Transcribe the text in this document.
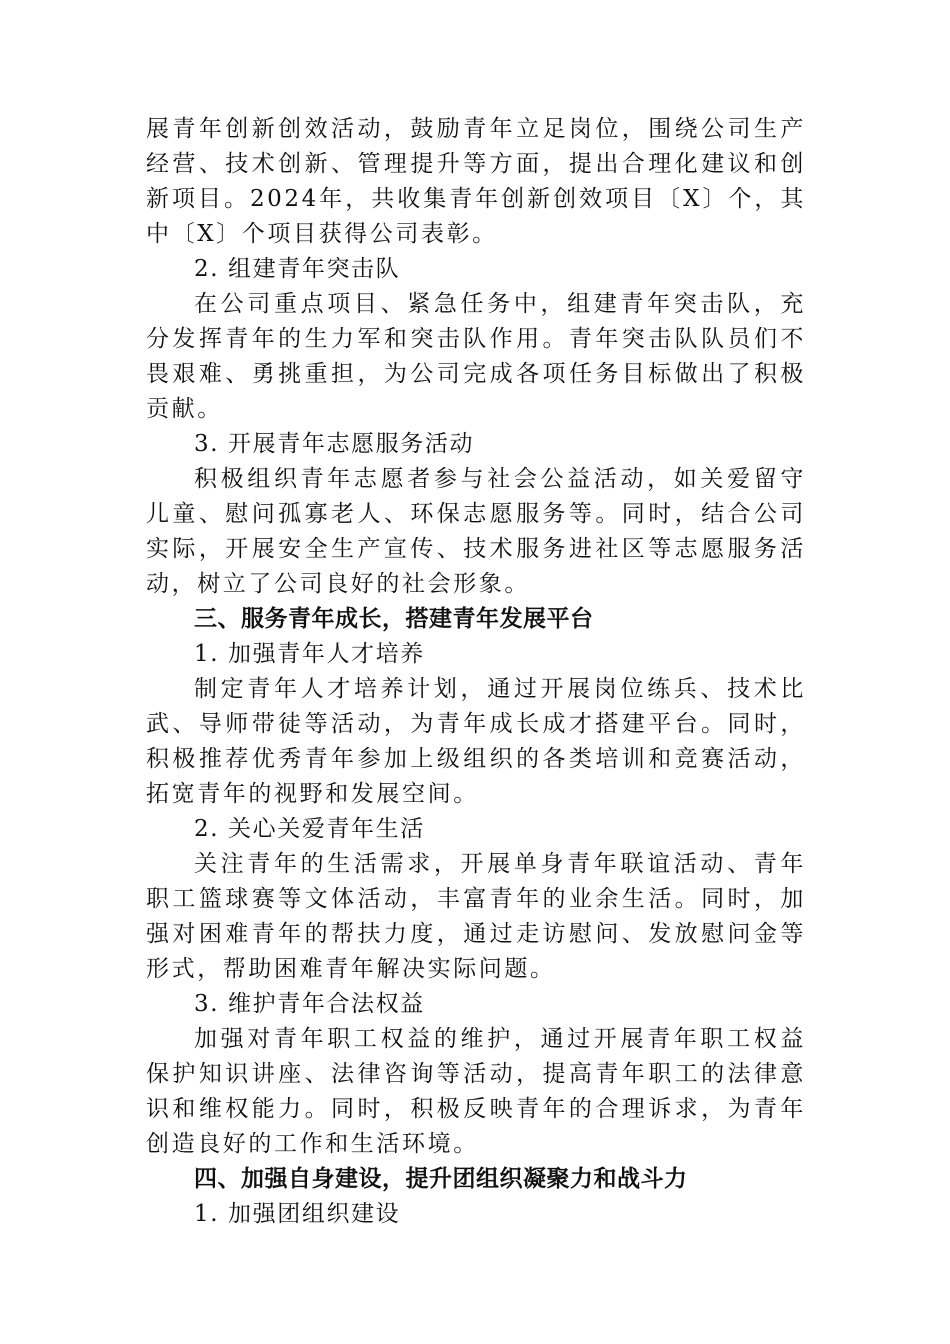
展青年创新创效活动，鼓励青年立足岗位，围绕公司生产经营、技术创新、管理提升等方面，提出合理化建议和创新项目。2024年，共收集青年创新创效项目〔X〕个，其中〔X〕个项目获得公司表彰。

2. 组建青年突击队

在公司重点项目、紧急任务中，组建青年突击队，充分发挥青年的生力军和突击队作用。青年突击队队员们不畏艰难、勇挑重担，为公司完成各项任务目标做出了积极贡献。

3. 开展青年志愿服务活动

积极组织青年志愿者参与社会公益活动，如关爱留守儿童、慰问孤寡老人、环保志愿服务等。同时，结合公司实际，开展安全生产宣传、技术服务进社区等志愿服务活动，树立了公司良好的社会形象。

三、服务青年成长，搭建青年发展平台

1. 加强青年人才培养

制定青年人才培养计划，通过开展岗位练兵、技术比武、导师带徒等活动，为青年成长成才搭建平台。同时，积极推荐优秀青年参加上级组织的各类培训和竞赛活动，拓宽青年的视野和发展空间。

2. 关心关爱青年生活

关注青年的生活需求，开展单身青年联谊活动、青年职工篮球赛等文体活动，丰富青年的业余生活。同时，加强对困难青年的帮扶力度，通过走访慰问、发放慰问金等形式，帮助困难青年解决实际问题。

3. 维护青年合法权益

加强对青年职工权益的维护，通过开展青年职工权益保护知识讲座、法律咨询等活动，提高青年职工的法律意识和维权能力。同时，积极反映青年的合理诉求，为青年创造良好的工作和生活环境。

四、加强自身建设，提升团组织凝聚力和战斗力

1. 加强团组织建设
